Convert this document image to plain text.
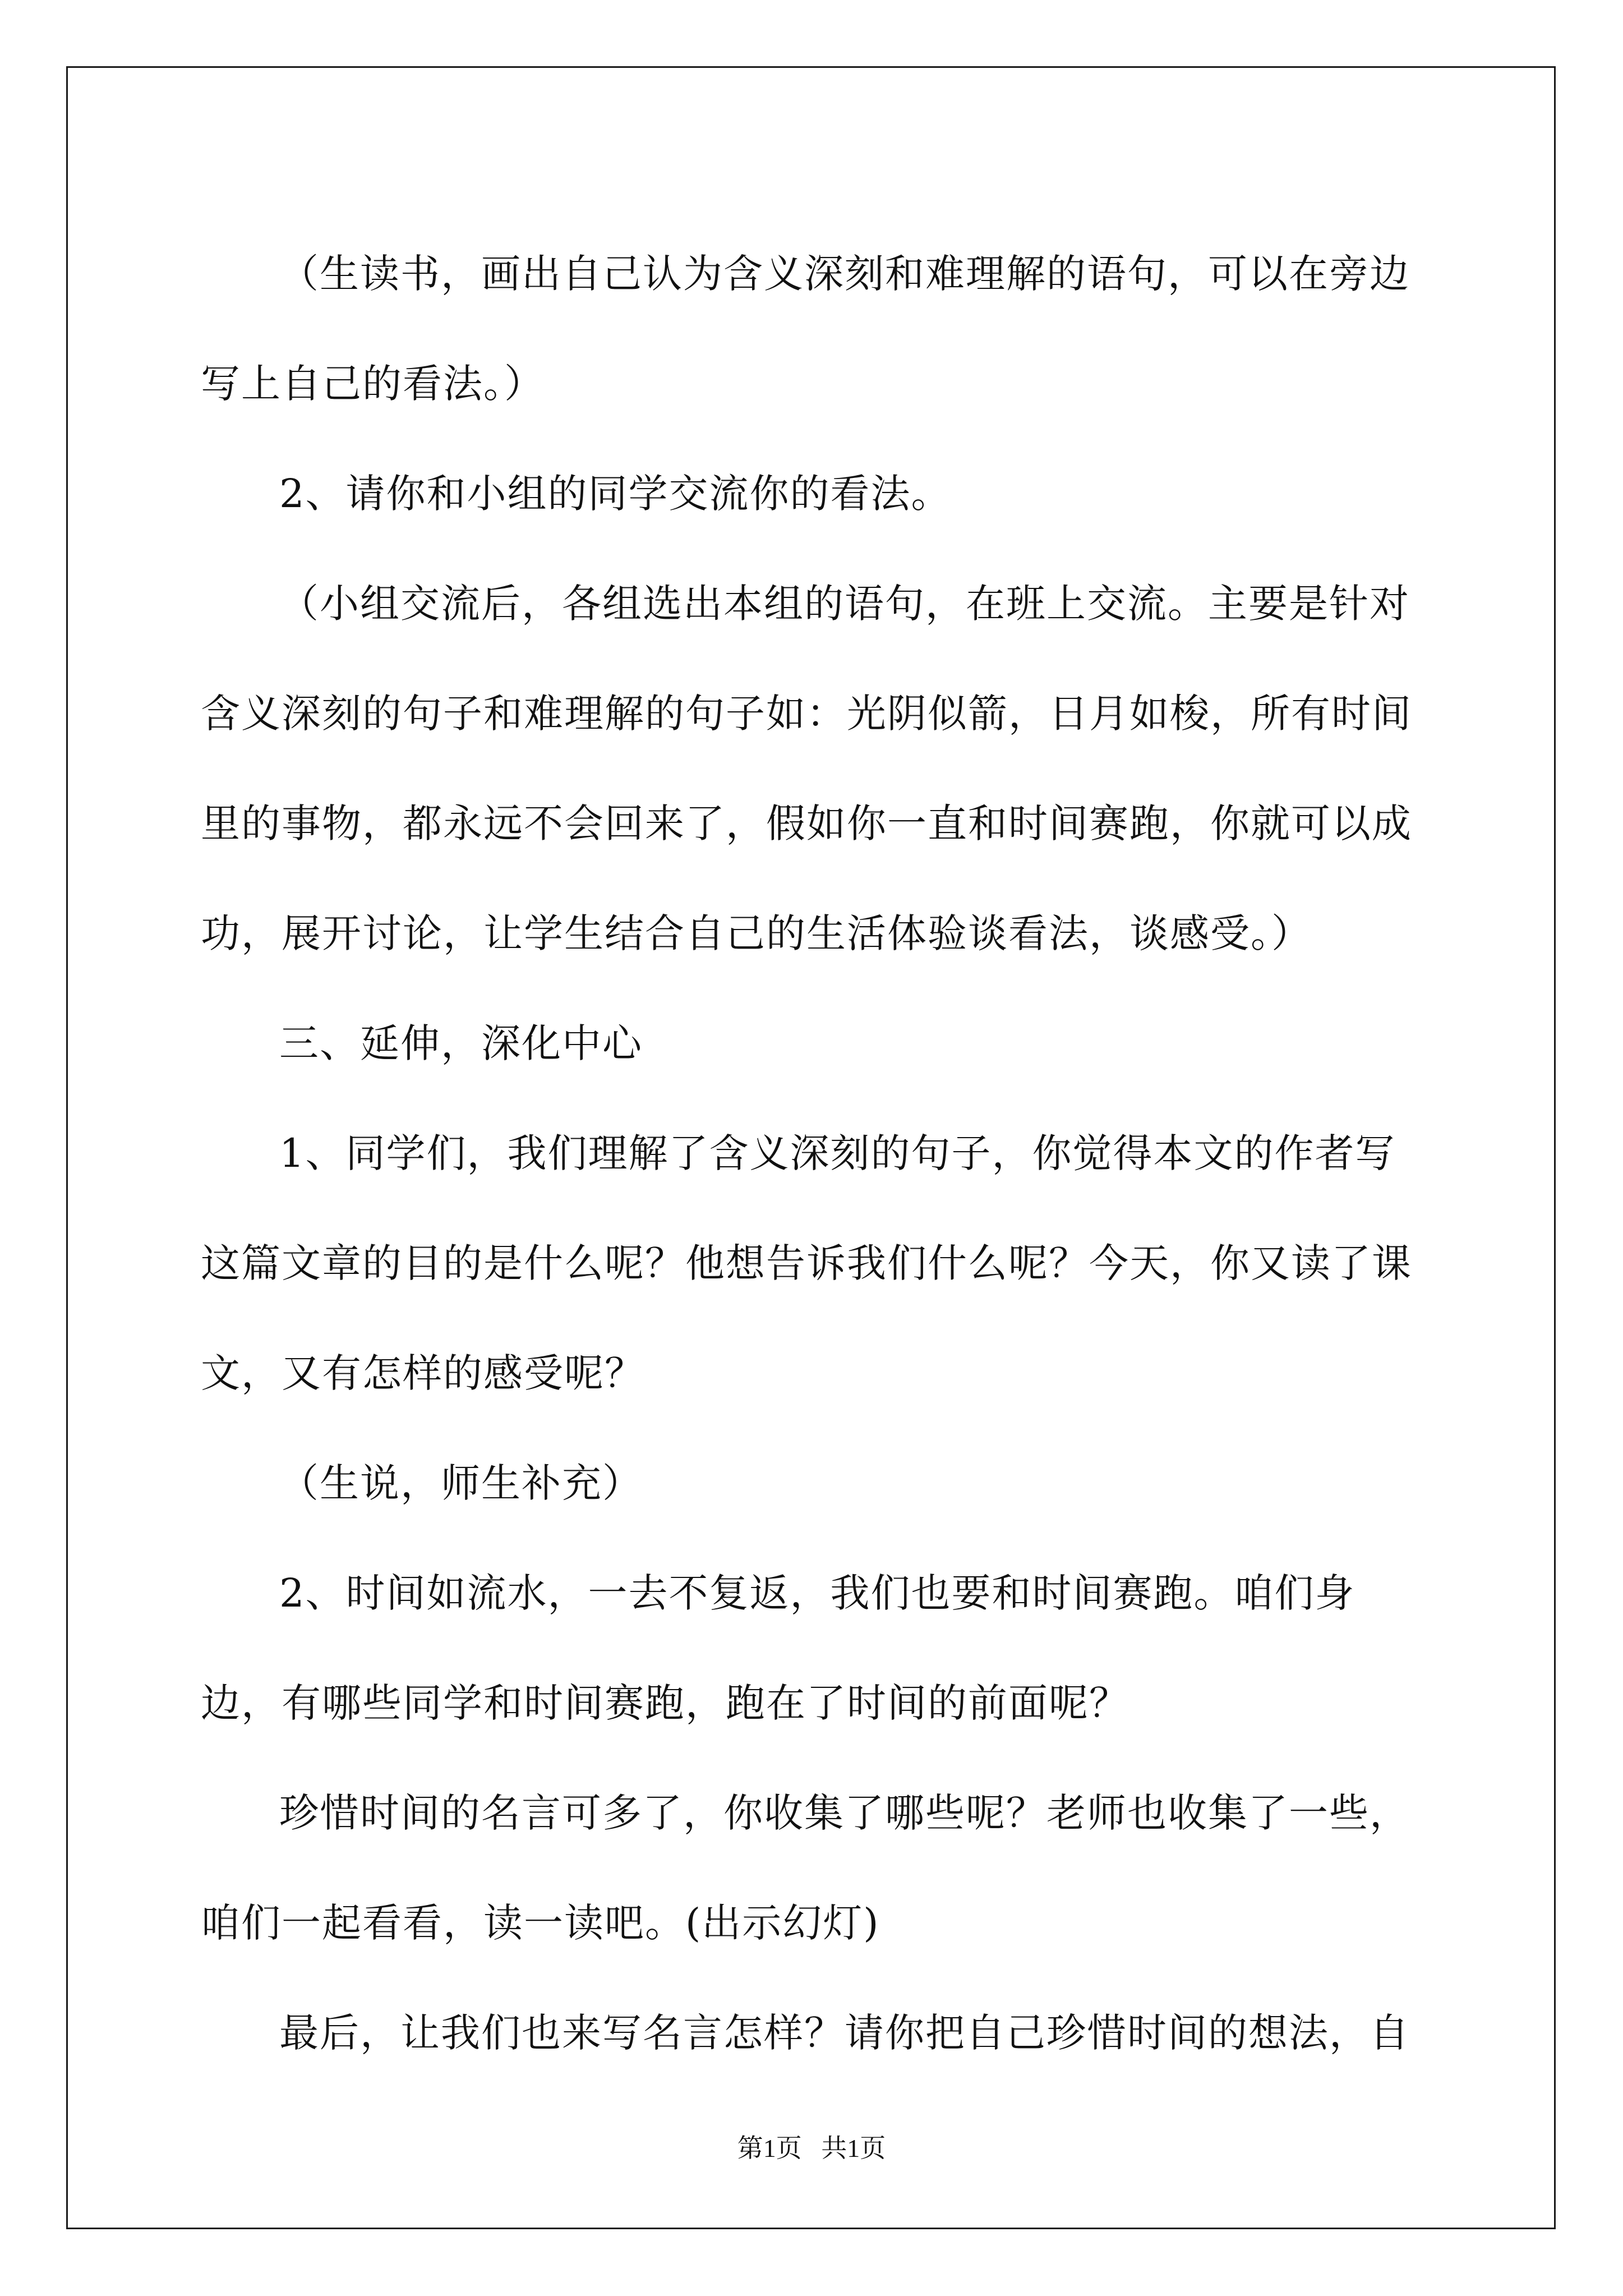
（生读书，画出自己认为含义深刻和难理解的语句，可以在旁边写上自己的看法。）

2、请你和小组的同学交流你的看法。

（小组交流后，各组选出本组的语句，在班上交流。主要是针对含义深刻的句子和难理解的句子如：光阴似箭，日月如梭，所有时间里的事物，都永远不会回来了，假如你一直和时间赛跑，你就可以成功，展开讨论，让学生结合自己的生活体验谈看法，谈感受。）

三、延伸，深化中心

1、同学们，我们理解了含义深刻的句子，你觉得本文的作者写这篇文章的目的是什么呢？他想告诉我们什么呢？今天，你又读了课文，又有怎样的感受呢？

（生说，师生补充）

2、时间如流水，一去不复返，我们也要和时间赛跑。咱们身边，有哪些同学和时间赛跑，跑在了时间的前面呢？

珍惜时间的名言可多了，你收集了哪些呢？老师也收集了一些，咱们一起看看，读一读吧。(出示幻灯)

最后，让我们也来写名言怎样？请你把自己珍惜时间的想法，自

第1页   共1页
